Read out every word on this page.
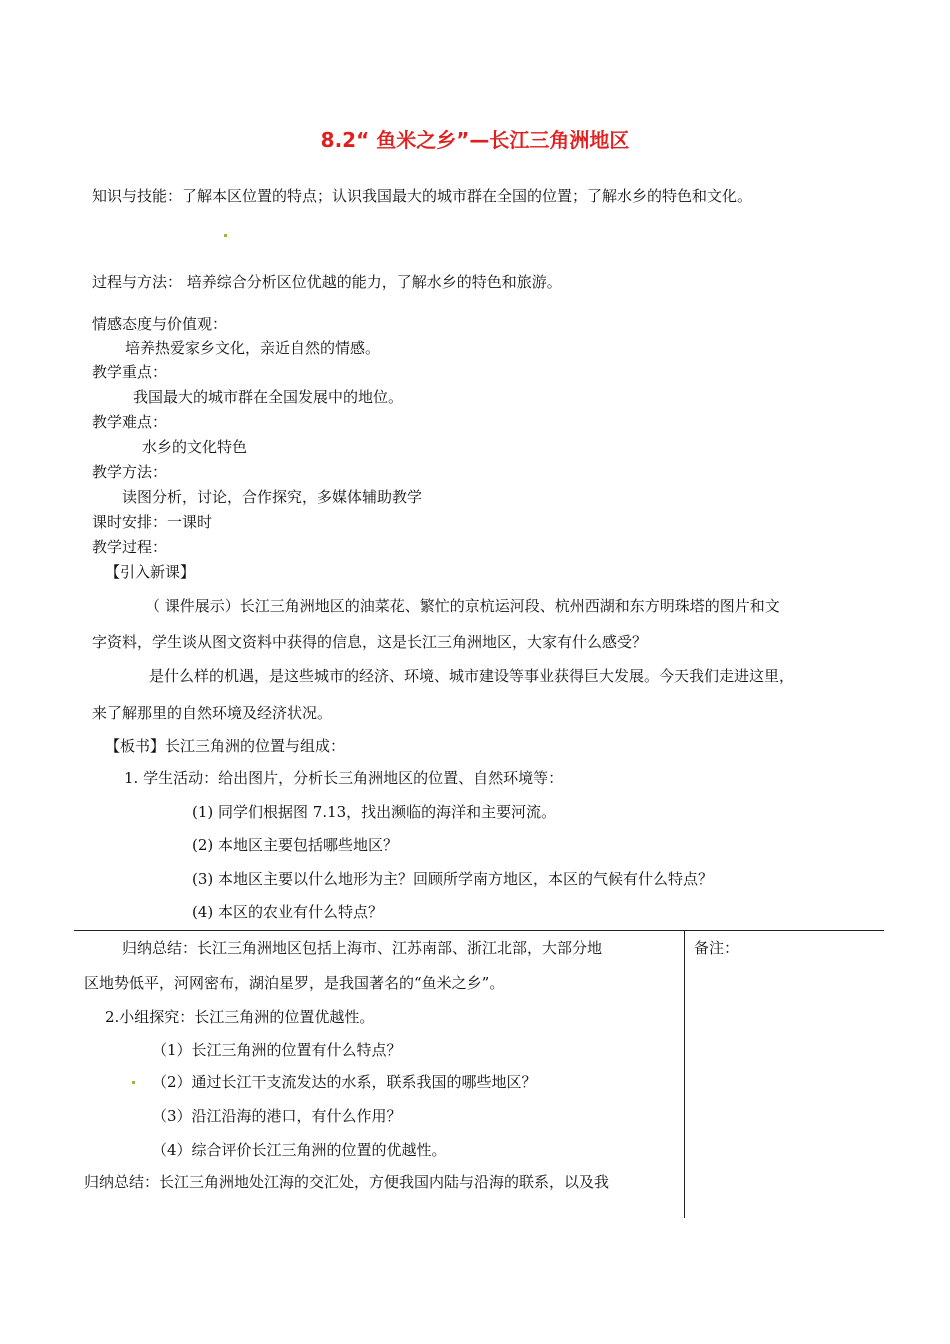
8.2“ 鱼米之乡”—长江三角洲地区
知识与技能：了解本区位置的特点；认识我国最大的城市群在全国的位置；了解水乡的特色和文化。
过程与方法： 培养综合分析区位优越的能力，了解水乡的特色和旅游。
情感态度与价值观：
培养热爱家乡文化，亲近自然的情感。
教学重点：
我国最大的城市群在全国发展中的地位。
教学难点：
水乡的文化特色
教学方法：
读图分析，讨论，合作探究，多媒体辅助教学
课时安排：一课时
教学过程：
【引入新课】
（ 课件展示）长江三角洲地区的油菜花、繁忙的京杭运河段、杭州西湖和东方明珠塔的图片和文
字资料，学生谈从图文资料中获得的信息，这是长江三角洲地区，大家有什么感受？
是什么样的机遇，是这些城市的经济、环境、城市建设等事业获得巨大发展。今天我们走进这里，
来了解那里的自然环境及经济状况。
【板书】长江三角洲的位置与组成：
1. 学生活动：给出图片，分析长三角洲地区的位置、自然环境等：
(1) 同学们根据图 7.13，找出濒临的海洋和主要河流。
(2) 本地区主要包括哪些地区？
(3) 本地区主要以什么地形为主？回顾所学南方地区，本区的气候有什么特点？
(4) 本区的农业有什么特点？
归纳总结：长江三角洲地区包括上海市、江苏南部、浙江北部，大部分地
区地势低平，河网密布，湖泊星罗，是我国著名的“鱼米之乡”。
2.小组探究：长江三角洲的位置优越性。
（1）长江三角洲的位置有什么特点？
（2）通过长江干支流发达的水系，联系我国的哪些地区？
（3）沿江沿海的港口，有什么作用？
（4）综合评价长江三角洲的位置的优越性。
归纳总结：长江三角洲地处江海的交汇处，方便我国内陆与沿海的联系，以及我
备注：
